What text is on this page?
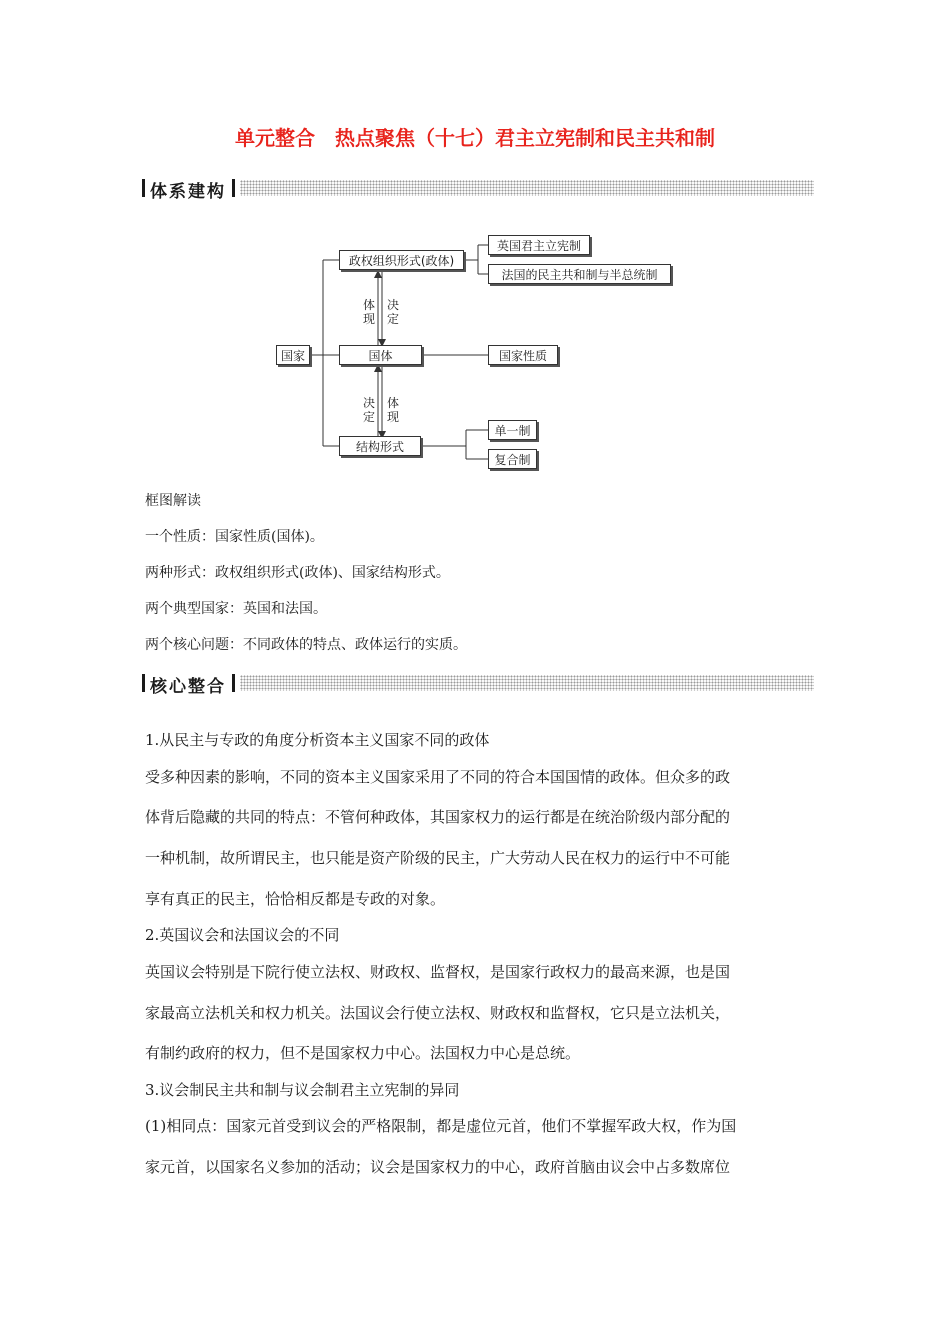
单元整合　热点聚焦（十七）君主立宪制和民主共和制
体系建构
国家
政权组织形式(政体)
英国君主立宪制
法国的民主共和制与半总统制
国体	国家性质
结构形式
单一制
复合制
体
现
决
定
决
定
体
现
框图解读
一个性质：国家性质(国体)。
两种形式：政权组织形式(政体)、国家结构形式。
两个典型国家：英国和法国。
两个核心问题：不同政体的特点、政体运行的实质。
核心整合
1.从民主与专政的角度分析资本主义国家不同的政体
受多种因素的影响，不同的资本主义国家采用了不同的符合本国国情的政体。但众多的政
体背后隐藏的共同的特点：不管何种政体，其国家权力的运行都是在统治阶级内部分配的
一种机制，故所谓民主，也只能是资产阶级的民主，广大劳动人民在权力的运行中不可能
享有真正的民主，恰恰相反都是专政的对象。
2.英国议会和法国议会的不同
英国议会特别是下院行使立法权、财政权、监督权，是国家行政权力的最高来源，也是国
家最高立法机关和权力机关。法国议会行使立法权、财政权和监督权，它只是立法机关，
有制约政府的权力，但不是国家权力中心。法国权力中心是总统。
3.议会制民主共和制与议会制君主立宪制的异同
(1)相同点：国家元首受到议会的严格限制，都是虚位元首，他们不掌握军政大权，作为国
家元首，以国家名义参加的活动；议会是国家权力的中心，政府首脑由议会中占多数席位
